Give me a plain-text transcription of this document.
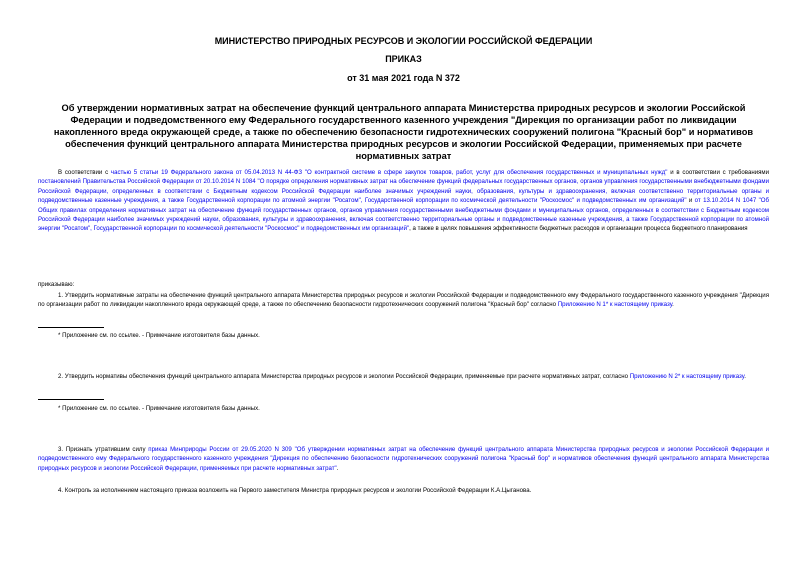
МИНИСТЕРСТВО ПРИРОДНЫХ РЕСУРСОВ И ЭКОЛОГИИ РОССИЙСКОЙ ФЕДЕРАЦИИ
ПРИКАЗ
от 31 мая 2021 года N 372
Об утверждении нормативных затрат на обеспечение функций центрального аппарата Министерства природных ресурсов и экологии Российской Федерации и подведомственного ему Федерального государственного казенного учреждения "Дирекция по организации работ по ликвидации накопленного вреда окружающей среде, а также по обеспечению безопасности гидротехнических сооружений полигона "Красный бор" и нормативов обеспечения функций центрального аппарата Министерства природных ресурсов и экологии Российской Федерации, применяемых при расчете нормативных затрат

В соответствии с частью 5 статьи 19 Федерального закона от 05.04.2013 N 44-ФЗ "О контрактной системе в сфере закупок товаров, работ, услуг для обеспечения государственных и муниципальных нужд" и в соответствии с требованиями постановлений Правительства Российской Федерации от 20.10.2014 N 1084 "О порядке определения нормативных затрат на обеспечение функций федеральных государственных органов, органов управления государственными внебюджетными фондами Российской Федерации, определенных в соответствии с Бюджетным кодексом Российской Федерации наиболее значимых учреждений науки, образования, культуры и здравоохранения, включая соответственно территориальные органы и подведомственные казенные учреждения, а также Государственной корпорации по атомной энергии "Росатом", Государственной корпорации по космической деятельности "Роскосмос" и подведомственных им организаций" и от 13.10.2014 N 1047 "Об Общих правилах определения нормативных затрат на обеспечение функций государственных органов, органов управления государственными внебюджетными фондами и муниципальных органов, определенных в соответствии с Бюджетным кодексом Российской Федерации наиболее значимых учреждений науки, образования, культуры и здравоохранения, включая соответственно территориальные органы и подведомственные казенные учреждения, а также Государственной корпорации по атомной энергии "Росатом", Государственной корпорации по космической деятельности "Роскосмос" и подведомственных им организаций", а также в целях повышения эффективности бюджетных расходов и организации процесса бюджетного планирования

приказываю:

1. Утвердить нормативные затраты на обеспечение функций центрального аппарата Министерства природных ресурсов и экологии Российской Федерации и подведомственного ему Федерального государственного казенного учреждения "Дирекция по организации работ по ликвидации накопленного вреда окружающей среде, а также по обеспечению безопасности гидротехнических сооружений полигона "Красный бор" согласно Приложению N 1* к настоящему приказу.

* Приложение см. по ссылке. - Примечание изготовителя базы данных.

2. Утвердить нормативы обеспечения функций центрального аппарата Министерства природных ресурсов и экологии Российской Федерации, применяемые при расчете нормативных затрат, согласно Приложению N 2* к настоящему приказу.

* Приложение см. по ссылке. - Примечание изготовителя базы данных.

3. Признать утратившим силу приказ Минприроды России от 29.05.2020 N 309 "Об утверждении нормативных затрат на обеспечение функций центрального аппарата Министерства природных ресурсов и экологии Российской Федерации и подведомственного ему Федерального государственного казенного учреждения "Дирекция по обеспечению безопасности гидротехнических сооружений полигона "Красный бор" и нормативов обеспечения функций центрального аппарата Министерства природных ресурсов и экологии Российской Федерации, применяемых при расчете нормативных затрат".

4. Контроль за исполнением настоящего приказа возложить на Первого заместителя Министра природных ресурсов и экологии Российской Федерации К.А.Цыганова.
